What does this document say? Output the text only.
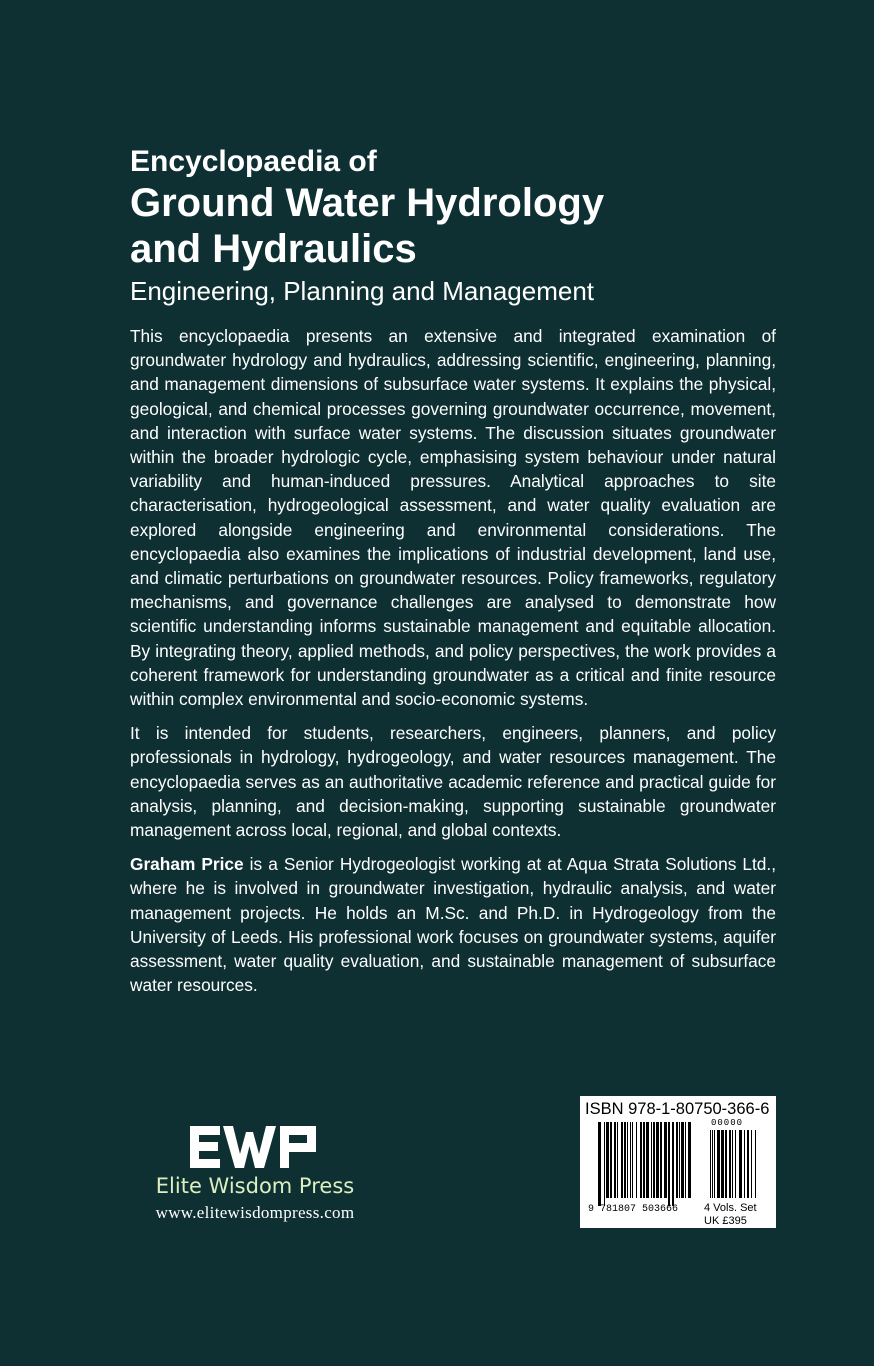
Encyclopaedia of
Ground Water Hydrology
and Hydraulics
Engineering, Planning and Management

This encyclopaedia presents an extensive and integrated examination of groundwater hydrology and hydraulics, addressing scientific, engineering, planning, and management dimensions of subsurface water systems. It explains the physical, geological, and chemical processes governing groundwater occurrence, movement, and interaction with surface water systems. The discussion situates groundwater within the broader hydrologic cycle, emphasising system behaviour under natural variability and human-induced pressures. Analytical approaches to site characterisation, hydrogeological assessment, and water quality evaluation are explored alongside engineering and environmental considerations. The encyclopaedia also examines the implications of industrial development, land use, and climatic perturbations on groundwater resources. Policy frameworks, regulatory mechanisms, and governance challenges are analysed to demonstrate how scientific understanding informs sustainable management and equitable allocation. By integrating theory, applied methods, and policy perspectives, the work provides a coherent framework for understanding groundwater as a critical and finite resource within complex environmental and socio-economic systems.

It is intended for students, researchers, engineers, planners, and policy professionals in hydrology, hydrogeology, and water resources management. The encyclopaedia serves as an authoritative academic reference and practical guide for analysis, planning, and decision-making, supporting sustainable groundwater management across local, regional, and global contexts.

Graham Price is a Senior Hydrogeologist working at at Aqua Strata Solutions Ltd., where he is involved in groundwater investigation, hydraulic analysis, and water management projects. He holds an M.Sc. and Ph.D. in Hydrogeology from the University of Leeds. His professional work focuses on groundwater systems, aquifer assessment, water quality evaluation, and sustainable management of subsurface water resources.

Elite Wisdom Press
www.elitewisdompress.com
ISBN 978-1-80750-366-6
9 781807 503666
00000
4 Vols. Set
UK £395
